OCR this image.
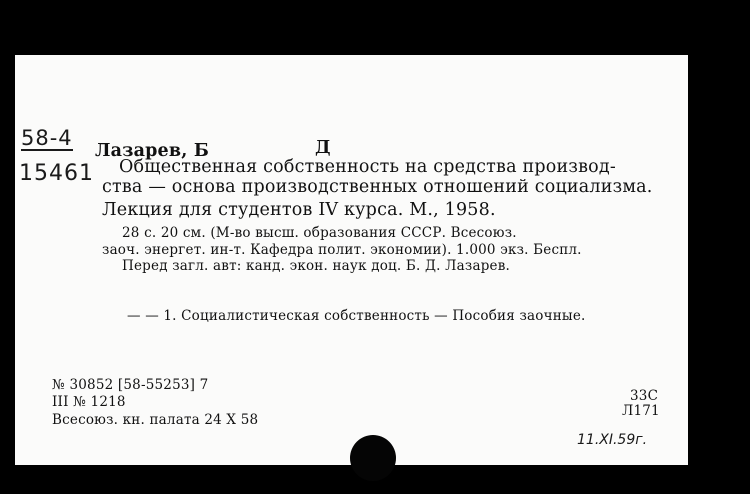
58-4
15461
Лазарев, Б	Д
Общественная собственность на средства производ-
ства — основа производственных отношений социализма.
Лекция для студентов IV курса. М., 1958.
28 с. 20 см. (М-во высш. образования СССР. Всесоюз.
заоч. энергет. ин-т. Кафедра полит. экономии). 1.000 экз. Беспл.
Перед загл. авт: канд. экон. наук доц. Б. Д. Лазарев.
— — 1. Социалистическая собственность — Пособия заочные.
№ 30852 [58-55253] 7
III № 1218
Всесоюз. кн. палата 24 X 58
33С
Л171
11.XI.59г.
